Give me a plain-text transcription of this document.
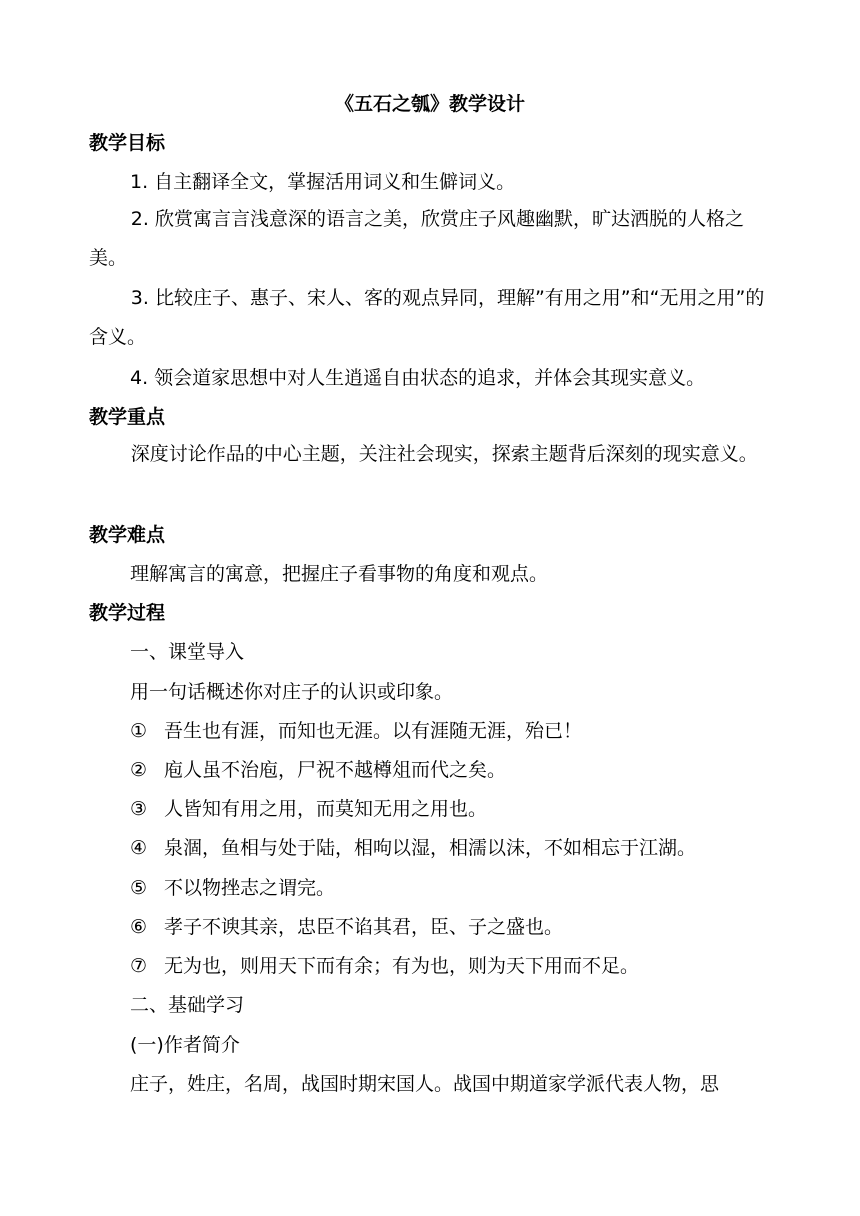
《五石之瓠》教学设计
教学目标
1. 自主翻译全文，掌握活用词义和生僻词义。

2. 欣赏寓言言浅意深的语言之美，欣赏庄子风趣幽默，旷达洒脱的人格之美。

3. 比较庄子、惠子、宋人、客的观点异同，理解”有用之用”和“无用之用”的含义。

4. 领会道家思想中对人生逍遥自由状态的追求，并体会其现实意义。
教学重点

深度讨论作品的中心主题，关注社会现实，探索主题背后深刻的现实意义。

教学难点
理解寓言的寓意，把握庄子看事物的角度和观点。
教学过程
一、课堂导入
用一句话概述你对庄子的认识或印象。
① 吾生也有涯，而知也无涯。以有涯随无涯，殆已！
② 庖人虽不治庖，尸祝不越樽俎而代之矣。
③ 人皆知有用之用，而莫知无用之用也。
④ 泉涸，鱼相与处于陆，相呴以湿，相濡以沫，不如相忘于江湖。
⑤ 不以物挫志之谓完。
⑥ 孝子不谀其亲，忠臣不谄其君，臣、子之盛也。
⑦ 无为也，则用天下而有余；有为也，则为天下用而不足。
二、基础学习
(一)作者简介
庄子，姓庄，名周，战国时期宋国人。战国中期道家学派代表人物，思
